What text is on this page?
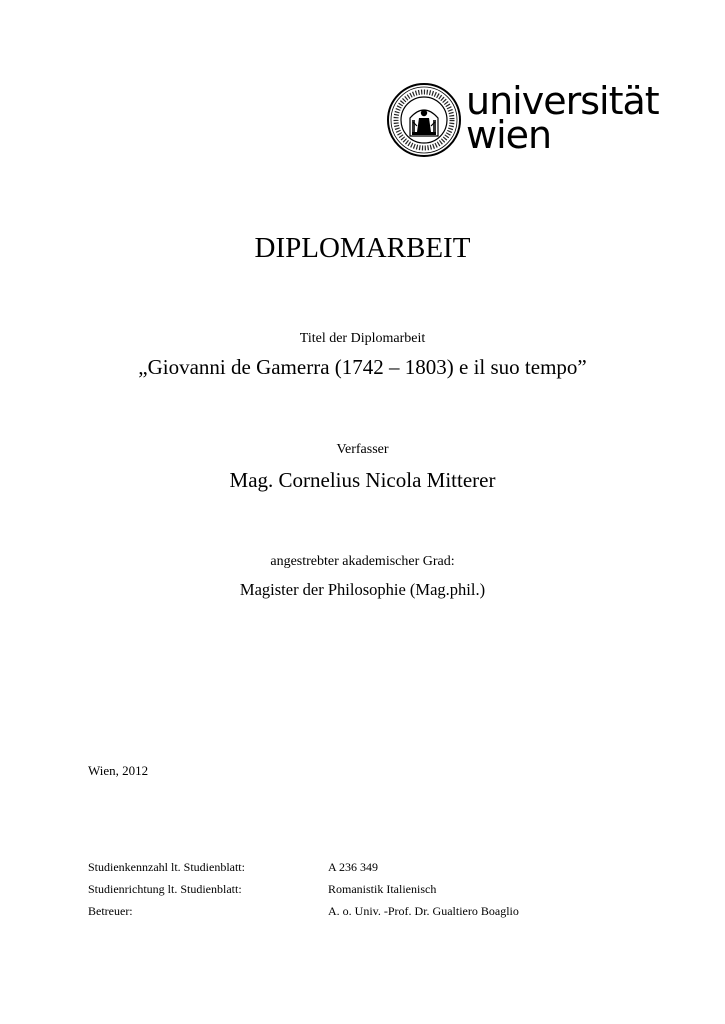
universität
wien
DIPLOMARBEIT
Titel der Diplomarbeit
„Giovanni de Gamerra (1742 – 1803) e il suo tempo”
Verfasser
Mag. Cornelius Nicola Mitterer
angestrebter akademischer Grad:
Magister der Philosophie (Mag.phil.)
Wien, 2012
Studienkennzahl lt. Studienblatt:	A 236 349
Studienrichtung lt. Studienblatt:	Romanistik Italienisch
Betreuer:	A. o. Univ. -Prof. Dr. Gualtiero Boaglio
